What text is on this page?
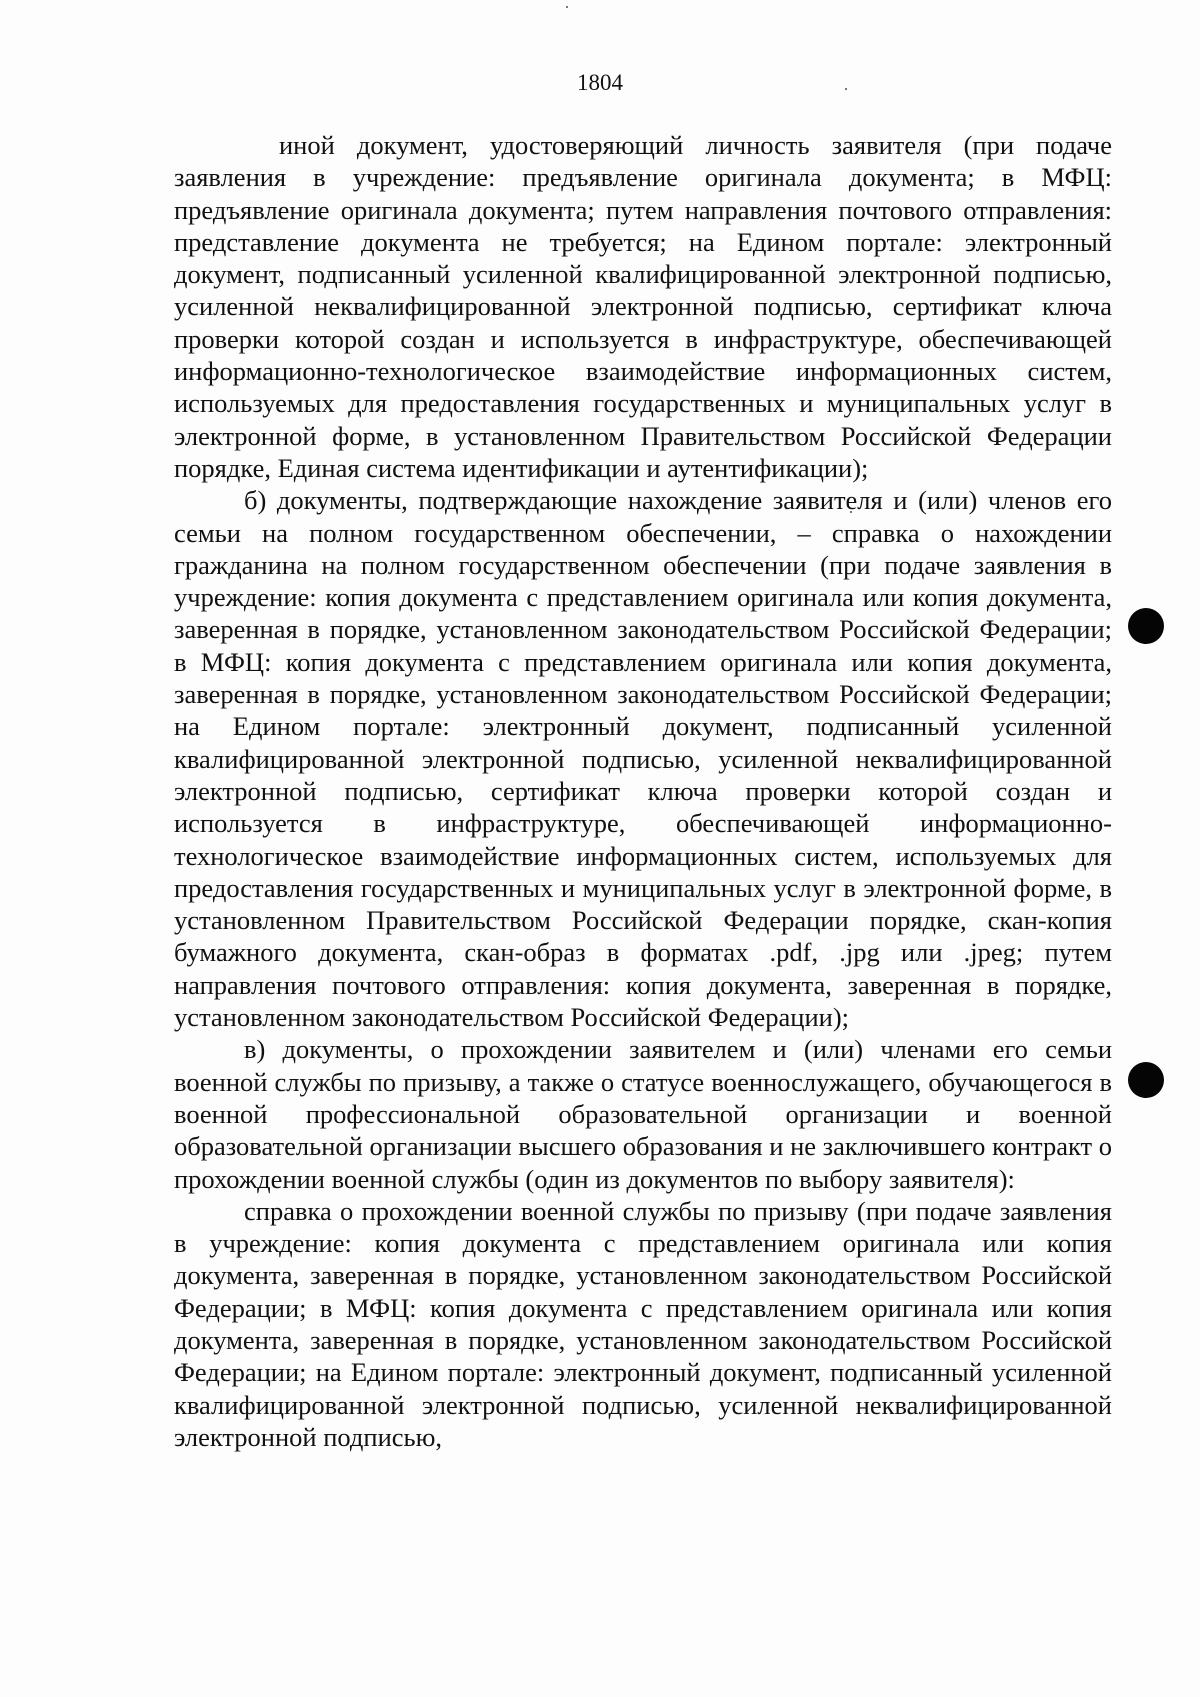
1804

иной документ, удостоверяющий личность заявителя (при подаче заявления в учреждение: предъявление оригинала документа; в МФЦ: предъявление оригинала документа; путем направления почтового отправления: представление документа не требуется; на Едином портале: электронный документ, подписанный усиленной квалифицированной электронной подписью, усиленной неквалифицированной электронной подписью, сертификат ключа проверки которой создан и используется в инфраструктуре, обеспечивающей информационно-технологическое взаимодействие информационных систем, используемых для предоставления государственных и муниципальных услуг в электронной форме, в установленном Правительством Российской Федерации порядке, Единая система идентификации и аутентификации);

б) документы, подтверждающие нахождение заявителя и (или) членов его семьи на полном государственном обеспечении, – справка о нахождении гражданина на полном государственном обеспечении (при подаче заявления в учреждение: копия документа с представлением оригинала или копия документа, заверенная в порядке, установленном законодательством Российской Федерации; в МФЦ: копия документа с представлением оригинала или копия документа, заверенная в порядке, установленном законодательством Российской Федерации; на Едином портале: электронный документ, подписанный усиленной квалифицированной электронной подписью, усиленной неквалифицированной электронной подписью, сертификат ключа проверки которой создан и используется в инфраструктуре, обеспечивающей информационно-технологическое взаимодействие информационных систем, используемых для предоставления государственных и муниципальных услуг в электронной форме, в установленном Правительством Российской Федерации порядке, скан-копия бумажного документа, скан-образ в форматах .pdf, .jpg или .jpeg; путем направления почтового отправления: копия документа, заверенная в порядке, установленном законодательством Российской Федерации);

в) документы, о прохождении заявителем и (или) членами его семьи военной службы по призыву, а также о статусе военнослужащего, обучающегося в военной профессиональной образовательной организации и военной образовательной организации высшего образования и не заключившего контракт о прохождении военной службы (один из документов по выбору заявителя):

справка о прохождении военной службы по призыву (при подаче заявления в учреждение: копия документа с представлением оригинала или копия документа, заверенная в порядке, установленном законодательством Российской Федерации; в МФЦ: копия документа с представлением оригинала или копия документа, заверенная в порядке, установленном законодательством Российской Федерации; на Едином портале: электронный документ, подписанный усиленной квалифицированной электронной подписью, усиленной неквалифицированной электронной подписью,
